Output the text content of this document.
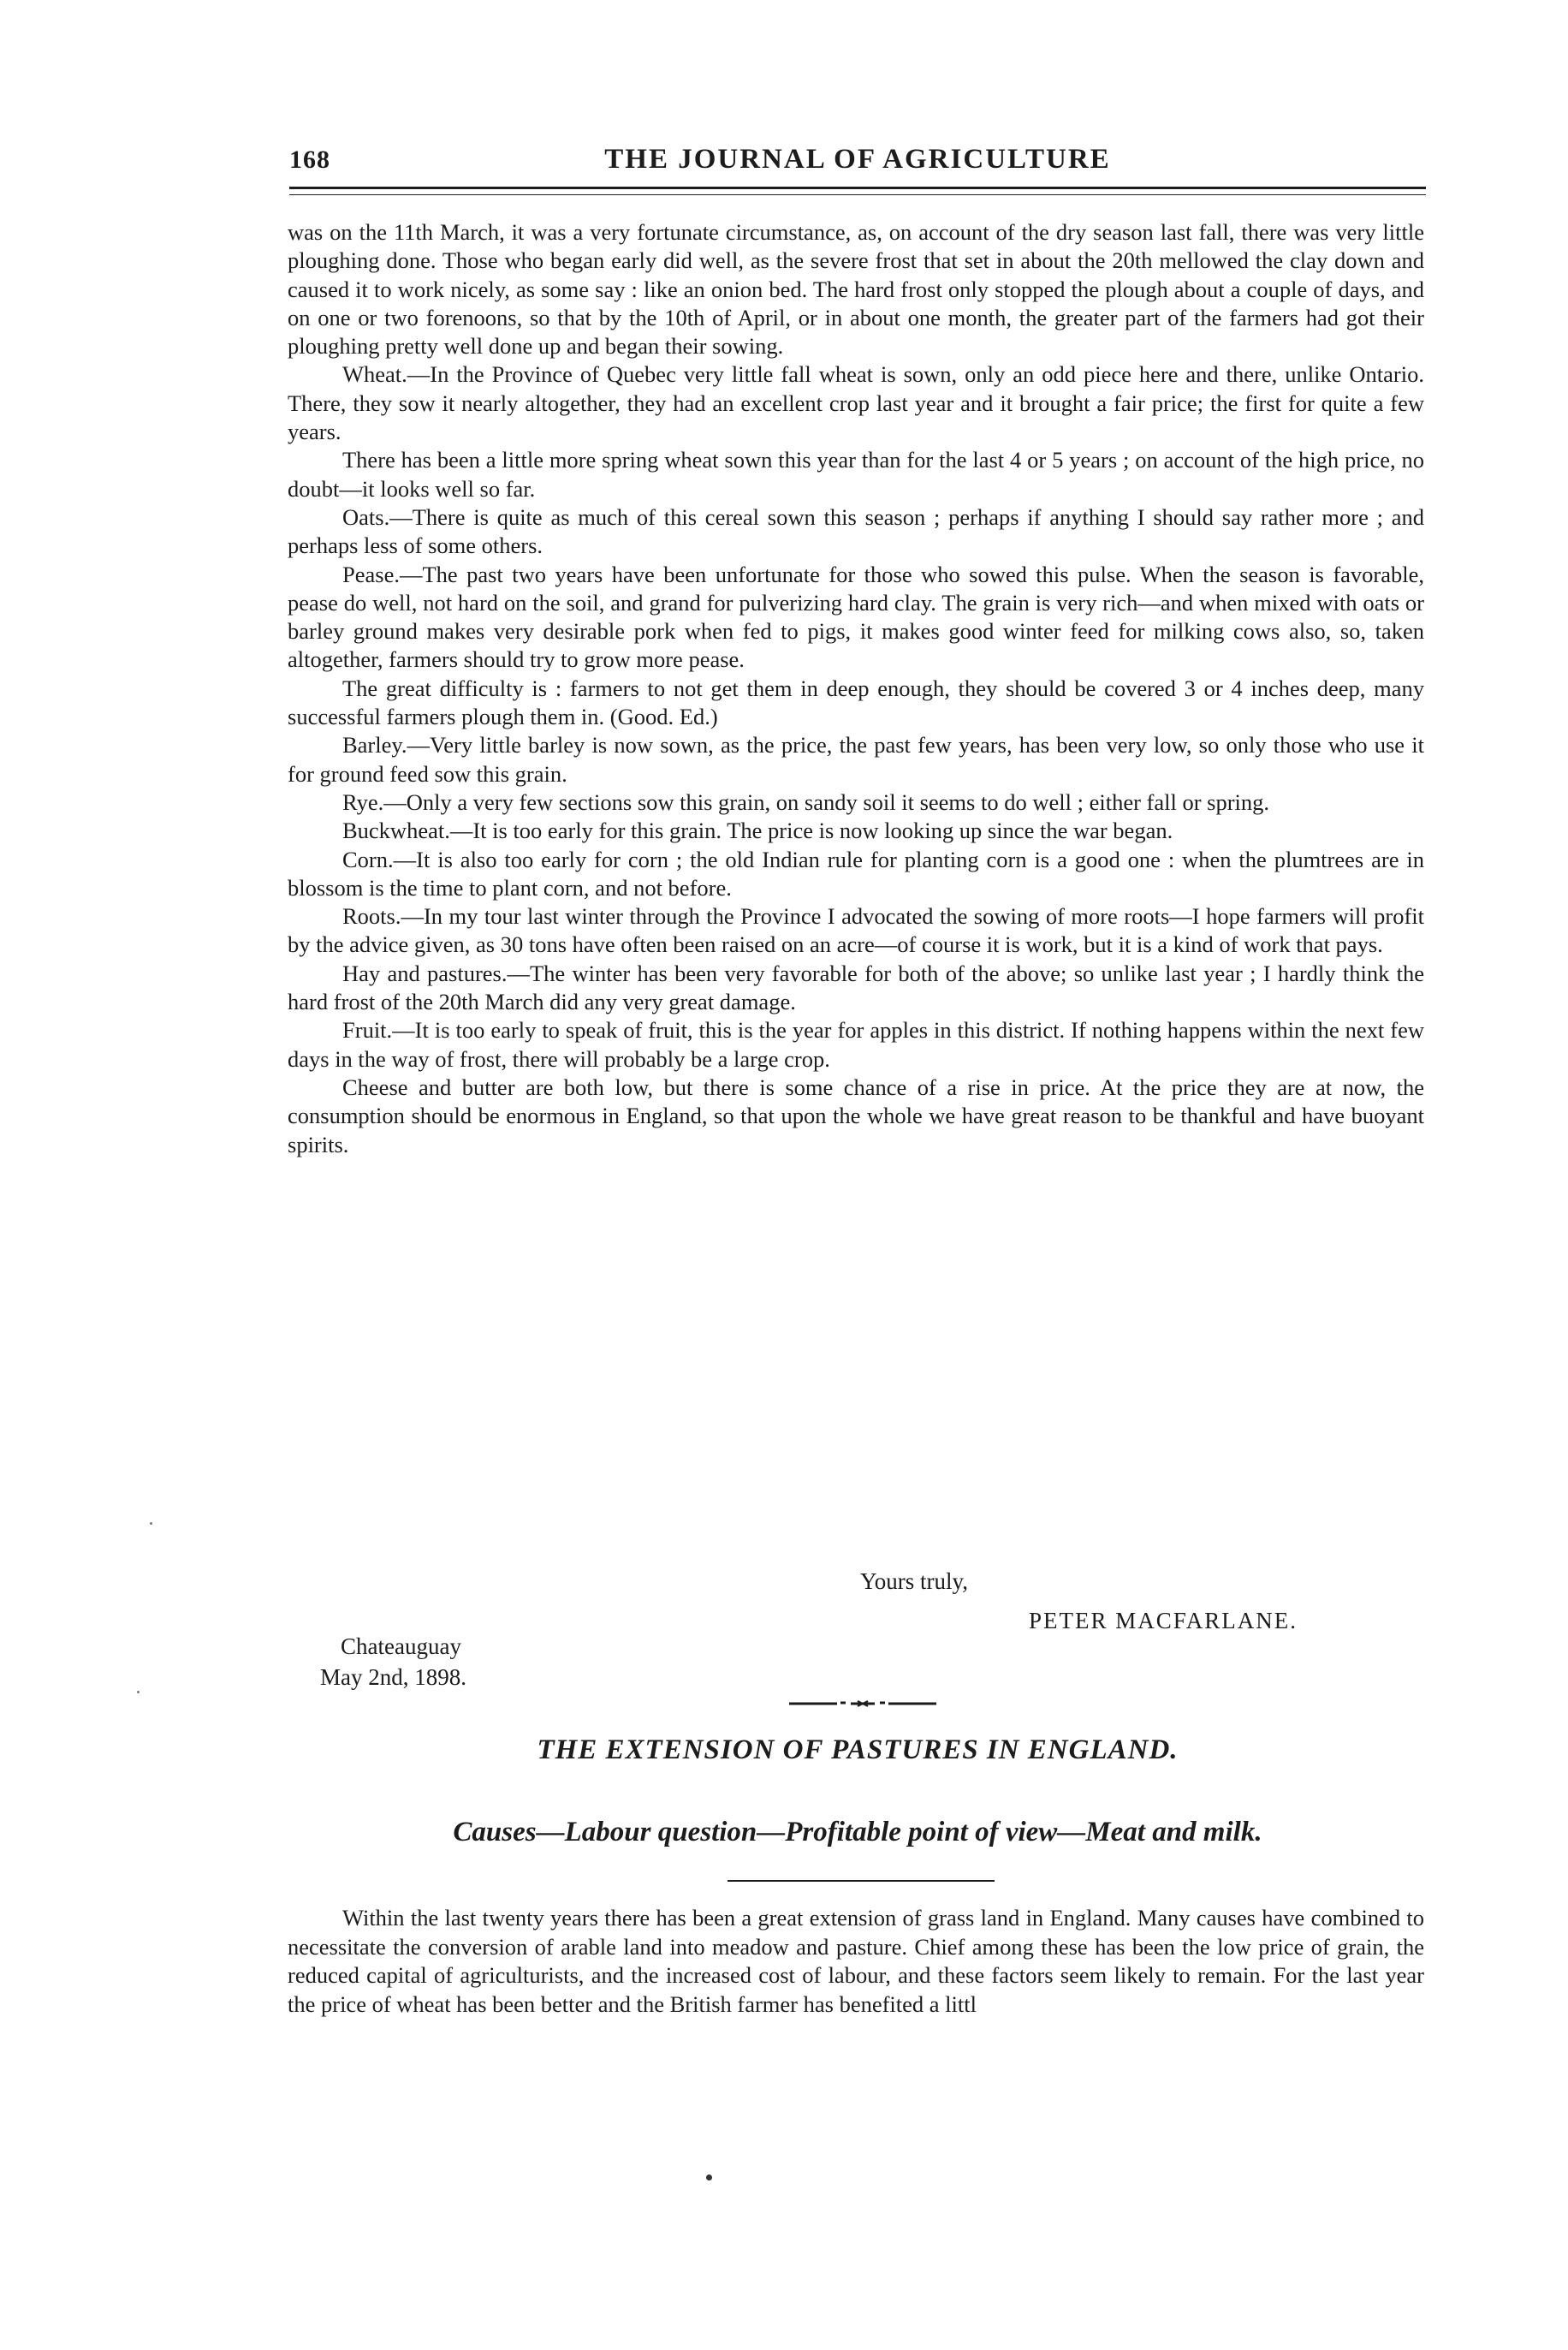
168	THE JOURNAL OF AGRICULTURE

was on the 11th March, it was a very fortunate circumstance, as, on account of the dry season last fall, there was very little ploughing done. Those who began early did well, as the severe frost that set in about the 20th mellowed the clay down and caused it to work nicely, as some say : like an onion bed. The hard frost only stopped the plough about a couple of days, and on one or two forenoons, so that by the 10th of April, or in about one month, the greater part of the farmers had got their ploughing pretty well done up and began their sowing.

Wheat.—In the Province of Quebec very little fall wheat is sown, only an odd piece here and there, unlike Ontario. There, they sow it nearly altogether, they had an excellent crop last year and it brought a fair price; the first for quite a few years.

There has been a little more spring wheat sown this year than for the last 4 or 5 years ; on account of the high price, no doubt—it looks well so far.

Oats.—There is quite as much of this cereal sown this season ; perhaps if anything I should say rather more ; and perhaps less of some others.

Pease.—The past two years have been unfortunate for those who sowed this pulse. When the season is favorable, pease do well, not hard on the soil, and grand for pulverizing hard clay. The grain is very rich—and when mixed with oats or barley ground makes very desirable pork when fed to pigs, it makes good winter feed for milking cows also, so, taken altogether, farmers should try to grow more pease.

The great difficulty is : farmers to not get them in deep enough, they should be covered 3 or 4 inches deep, many successful farmers plough them in. (Good. Ed.)

Barley.—Very little barley is now sown, as the price, the past few years, has been very low, so only those who use it for ground feed sow this grain.

Rye.—Only a very few sections sow this grain, on sandy soil it seems to do well ; either fall or spring.

Buckwheat.—It is too early for this grain. The price is now looking up since the war began.

Corn.—It is also too early for corn ; the old Indian rule for planting corn is a good one : when the plumtrees are in blossom is the time to plant corn, and not before.

Roots.—In my tour last winter through the Province I advocated the sowing of more roots—I hope farmers will profit by the advice given, as 30 tons have often been raised on an acre—of course it is work, but it is a kind of work that pays.

Hay and pastures.—The winter has been very favorable for both of the above; so unlike last year ; I hardly think the hard frost of the 20th March did any very great damage.

Fruit.—It is too early to speak of fruit, this is the year for apples in this district. If nothing happens within the next few days in the way of frost, there will probably be a large crop.

Cheese and butter are both low, but there is some chance of a rise in price. At the price they are at now, the consumption should be enormous in England, so that upon the whole we have great reason to be thankful and have buoyant spirits.

Yours truly,
PETER MACFARLANE.
Chateauguay
May 2nd, 1898.
THE EXTENSION OF PASTURES IN ENGLAND.
Causes—Labour question—Profitable point of view—Meat and milk.

Within the last twenty years there has been a great extension of grass land in England. Many causes have combined to necessitate the conversion of arable land into meadow and pasture. Chief among these has been the low price of grain, the reduced capital of agriculturists, and the increased cost of labour, and these factors seem likely to remain. For the last year the price of wheat has been better and the British farmer has benefited a littl
